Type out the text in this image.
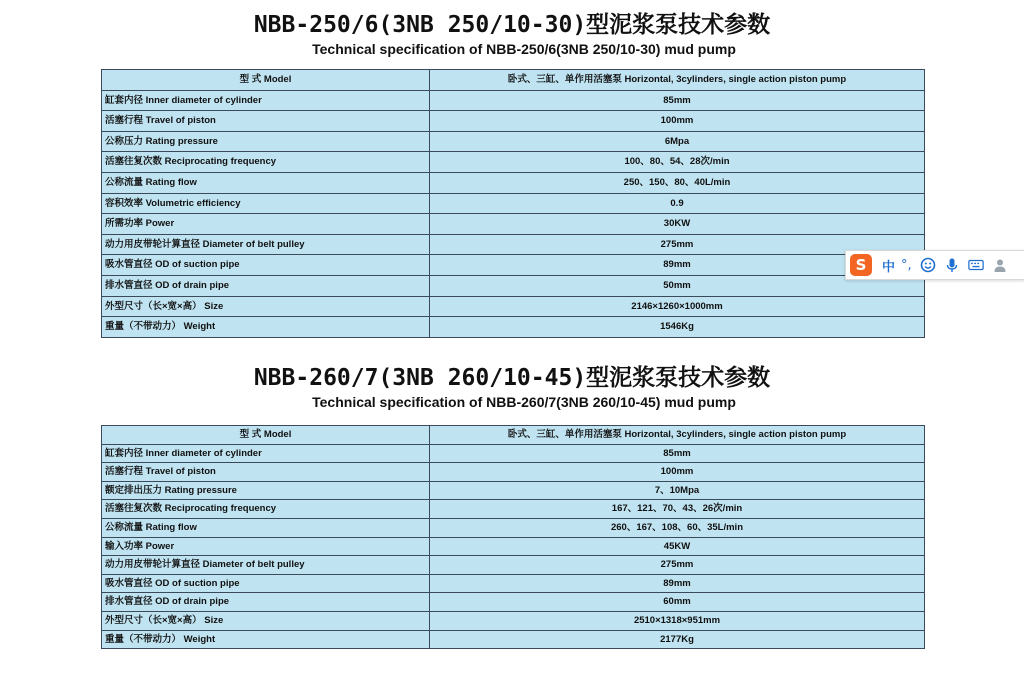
NBB-250/6(3NB 250/10-30)型泥浆泵技术参数
Technical specification of NBB-250/6(3NB 250/10-30) mud pump
型 式 Model	卧式、三缸、单作用活塞泵 Horizontal, 3cylinders, single action piston pump
缸套内径 Inner diameter of cylinder	85mm
活塞行程 Travel of piston	100mm
公称压力 Rating pressure	6Mpa
活塞往复次数 Reciprocating frequency	100、80、54、28次/min
公称流量 Rating flow	250、150、80、40L/min
容积效率 Volumetric efficiency	0.9
所需功率 Power	30KW
动力用皮带轮计算直径 Diameter of belt pulley	275mm
吸水管直径 OD of suction pipe	89mm
排水管直径 OD of drain pipe	50mm
外型尺寸（长×宽×高） Size	2146×1260×1000mm
重量（不带动力） Weight	1546Kg
NBB-260/7(3NB 260/10-45)型泥浆泵技术参数
Technical specification of NBB-260/7(3NB 260/10-45) mud pump
型 式 Model	卧式、三缸、单作用活塞泵 Horizontal, 3cylinders, single action piston pump
缸套内径 Inner diameter of cylinder	85mm
活塞行程 Travel of piston	100mm
额定排出压力 Rating pressure	7、10Mpa
活塞往复次数 Reciprocating frequency	167、121、70、43、26次/min
公称流量 Rating flow	260、167、108、60、35L/min
输入功率 Power	45KW
动力用皮带轮计算直径 Diameter of belt pulley	275mm
吸水管直径 OD of suction pipe	89mm
排水管直径 OD of drain pipe	60mm
外型尺寸（长×宽×高） Size	2510×1318×951mm
重量（不带动力） Weight	2177Kg
S	中 °,
